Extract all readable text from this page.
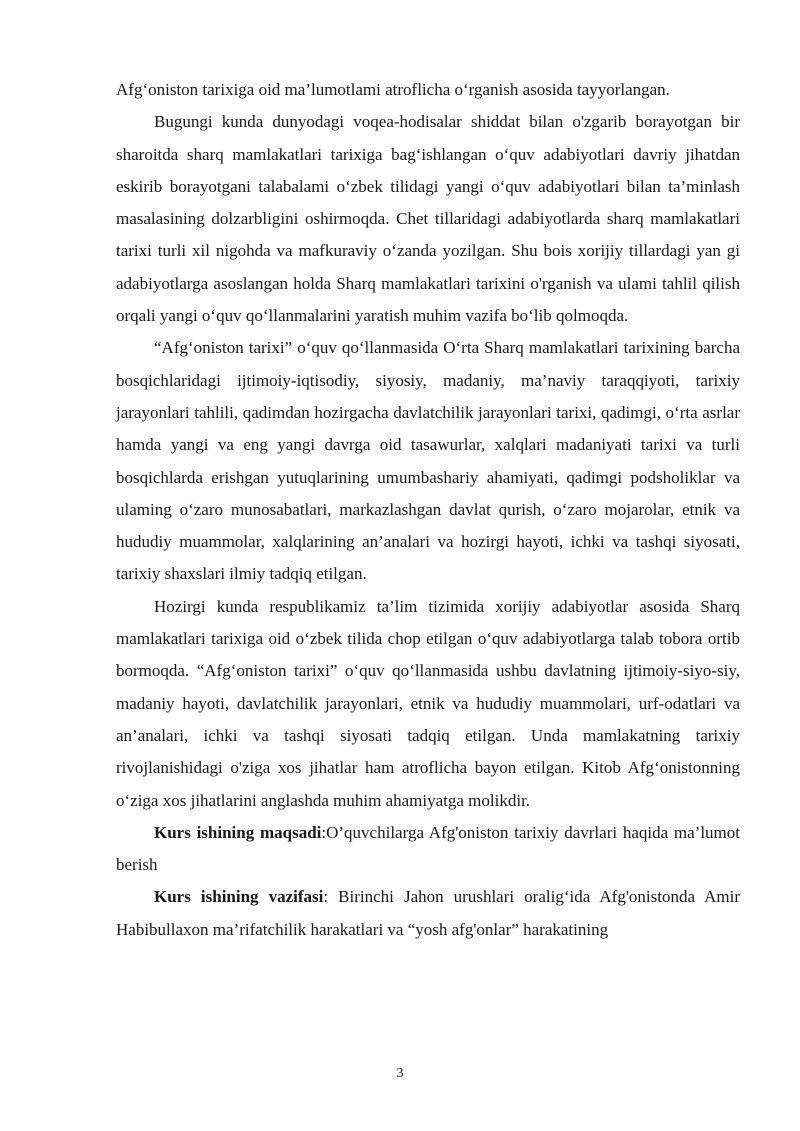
Afg‘oniston tarixiga oid ma’lumotlami atroflicha o‘rganish asosida tayyorlangan.

Bugungi kunda dunyodagi voqea-hodisalar shiddat bilan o'zgarib borayotgan bir sharoitda sharq mamlakatlari tarixiga bag‘ishlangan o‘quv adabiyotlari davriy jihatdan eskirib borayotgani talabalami o‘zbek tilidagi yangi o‘quv adabiyotlari bilan ta’minlash masalasining dolzarbligini oshirmoqda. Chet tillaridagi adabiyotlarda sharq mamlakatlari tarixi turli xil nigohda va mafkuraviy o‘zanda yozilgan. Shu bois xorijiy tillardagi yan gi adabiyotlarga asoslangan holda Sharq mamlakatlari tarixini o'rganish va ulami tahlil qilish orqali yangi o‘quv qo‘llanmalarini yaratish muhim vazifa bo‘lib qolmoqda.

“Afg‘oniston tarixi” o‘quv qo‘llanmasida O‘rta Sharq mamlakatlari tarixining barcha bosqichlaridagi ijtimoiy-iqtisodiy, siyosiy, madaniy, ma’naviy taraqqiyoti, tarixiy jarayonlari tahlili, qadimdan hozirgacha davlatchilik jarayonlari tarixi, qadimgi, o‘rta asrlar hamda yangi va eng yangi davrga oid tasawurlar, xalqlari madaniyati tarixi va turli bosqichlarda erishgan yutuqlarining umumbashariy ahamiyati, qadimgi podsholiklar va ulaming o‘zaro munosabatlari, markazlashgan davlat qurish, o‘zaro mojarolar, etnik va hududiy muammolar, xalqlarining an’analari va hozirgi hayoti, ichki va tashqi siyosati, tarixiy shaxslari ilmiy tadqiq etilgan.

Hozirgi kunda respublikamiz ta’lim tizimida xorijiy adabiyotlar asosida Sharq mamlakatlari tarixiga oid o‘zbek tilida chop etilgan o‘quv adabiyotlarga talab tobora ortib bormoqda. “Afg‘oniston tarixi” o‘quv qo‘llanmasida ushbu davlatning ijtimoiy-siyo-siy, madaniy hayoti, davlatchilik jarayonlari, etnik va hududiy muammolari, urf-odatlari va an’analari, ichki va tashqi siyosati tadqiq etilgan. Unda mamlakatning tarixiy rivojlanishidagi o'ziga xos jihatlar ham atroflicha bayon etilgan. Kitob Afg‘onistonning o‘ziga xos jihatlarini anglashda muhim ahamiyatga molikdir.

Kurs ishining maqsadi:O’quvchilarga Afg'oniston tarixiy davrlari haqida ma’lumot berish

Kurs ishining vazifasi: Birinchi Jahon urushlari oralig‘ida Afg'onistonda Amir Habibullaxon ma’rifatchilik harakatlari va “yosh afg'onlar” harakatining

3
